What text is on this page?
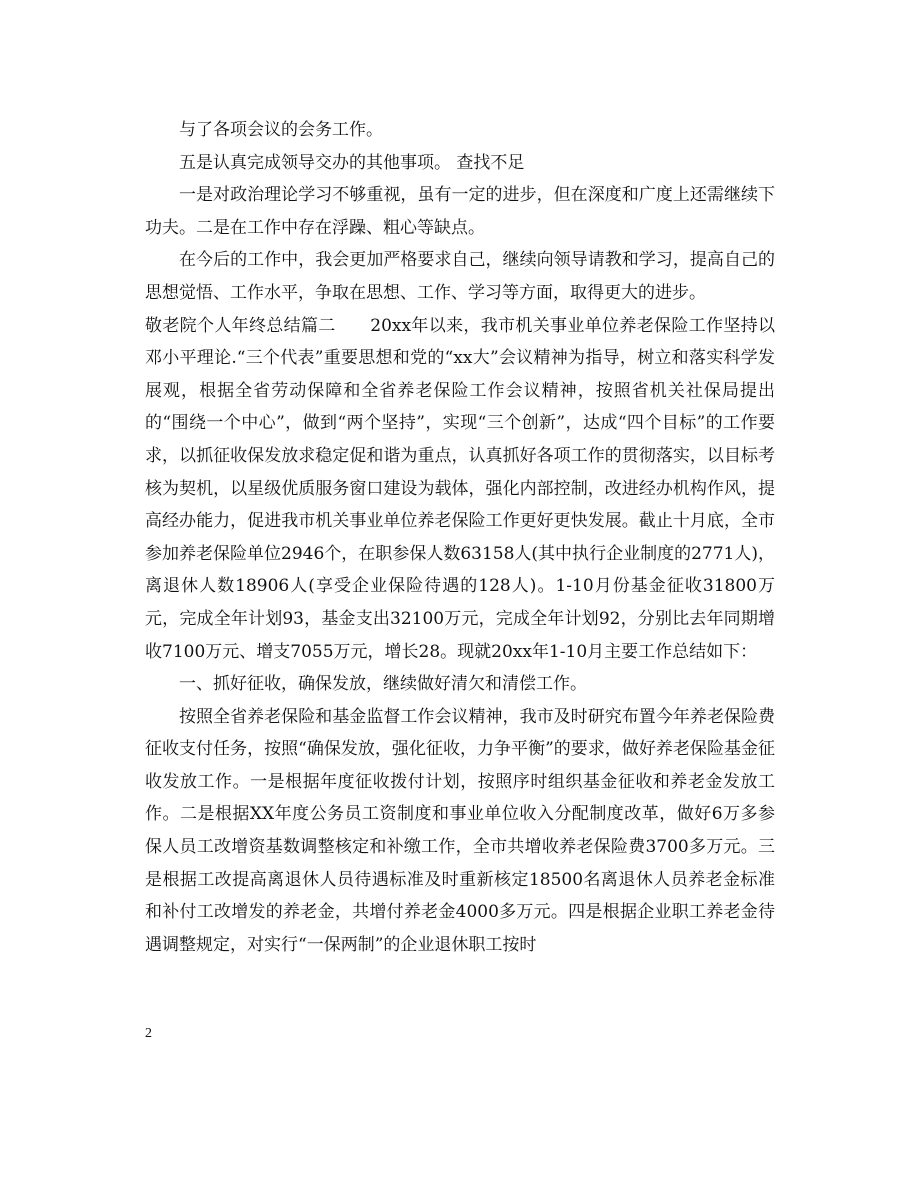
与了各项会议的会务工作。

五是认真完成领导交办的其他事项。 查找不足

一是对政治理论学习不够重视，虽有一定的进步，但在深度和广度上还需继续下功夫。二是在工作中存在浮躁、粗心等缺点。

在今后的工作中，我会更加严格要求自己，继续向领导请教和学习，提高自己的思想觉悟、工作水平，争取在思想、工作、学习等方面，取得更大的进步。

敬老院个人年终总结篇二　　20xx年以来，我市机关事业单位养老保险工作坚持以邓小平理论.“三个代表”重要思想和党的“xx大”会议精神为指导，树立和落实科学发展观，根据全省劳动保障和全省养老保险工作会议精神，按照省机关社保局提出的“围绕一个中心”，做到“两个坚持”，实现“三个创新”，达成“四个目标”的工作要求，以抓征收保发放求稳定促和谐为重点，认真抓好各项工作的贯彻落实，以目标考核为契机，以星级优质服务窗口建设为载体，强化内部控制，改进经办机构作风，提高经办能力，促进我市机关事业单位养老保险工作更好更快发展。截止十月底，全市参加养老保险单位2946个，在职参保人数63158人(其中执行企业制度的2771人)，离退休人数18906人(享受企业保险待遇的128人)。1-10月份基金征收31800万元，完成全年计划93，基金支出32100万元，完成全年计划92，分别比去年同期增收7100万元、增支7055万元，增长28。现就20xx年1-10月主要工作总结如下：

一、抓好征收，确保发放，继续做好清欠和清偿工作。

按照全省养老保险和基金监督工作会议精神，我市及时研究布置今年养老保险费征收支付任务，按照“确保发放，强化征收，力争平衡”的要求，做好养老保险基金征收发放工作。一是根据年度征收拨付计划，按照序时组织基金征收和养老金发放工作。二是根据XX年度公务员工资制度和事业单位收入分配制度改革，做好6万多参保人员工改增资基数调整核定和补缴工作，全市共增收养老保险费3700多万元。三是根据工改提高离退休人员待遇标准及时重新核定18500名离退休人员养老金标准和补付工改增发的养老金，共增付养老金4000多万元。四是根据企业职工养老金待遇调整规定，对实行“一保两制”的企业退休职工按时

2
